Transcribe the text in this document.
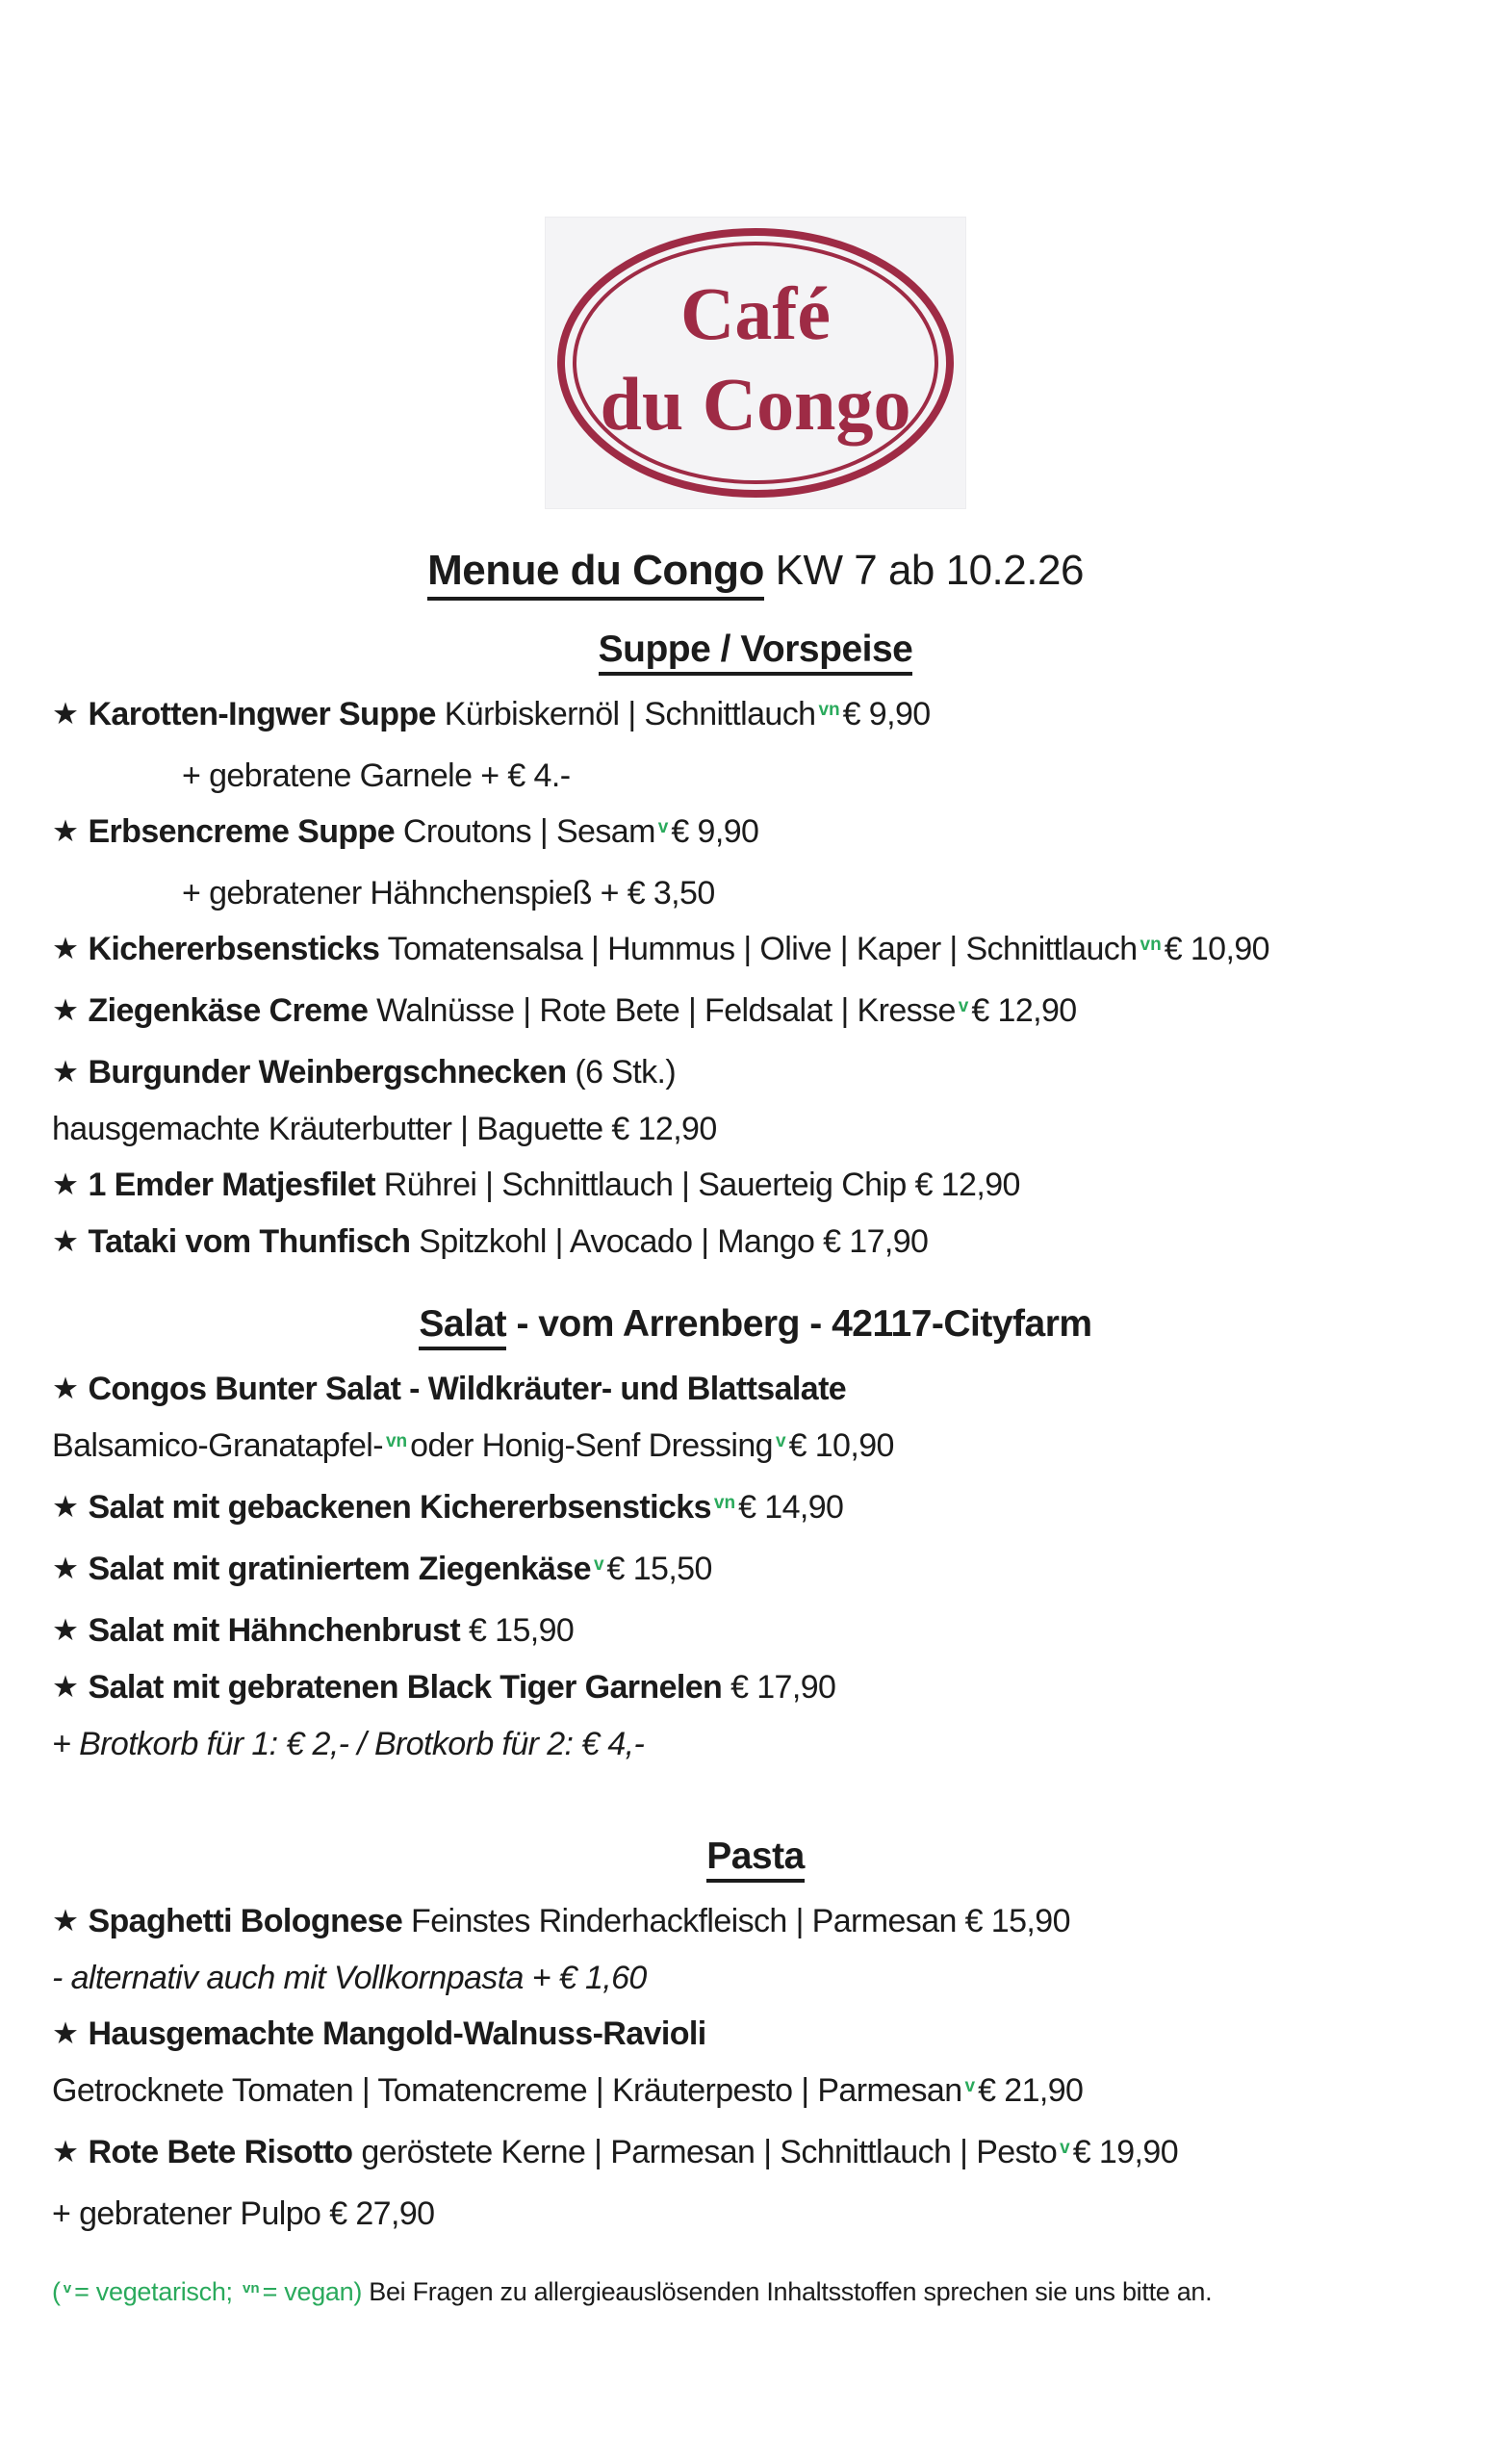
Café
du Congo
Menue du Congo KW 7 ab 10.2.26
Suppe / Vorspeise
★ Karotten-Ingwer Suppe Kürbiskernöl | Schnittlauch $^{vn}$€ 9,90
+ gebratene Garnele + € 4.-
★ Erbsencreme Suppe Croutons | Sesam $^v$€ 9,90
+ gebratener Hähnchenspieß + € 3,50
★ Kichererbsensticks Tomatensalsa | Hummus | Olive | Kaper | Schnittlauch $^{vn}$€ 10,90
★ Ziegenkäse Creme Walnüsse | Rote Bete | Feldsalat | Kresse $^v$€ 12,90
★ Burgunder Weinbergschnecken (6 Stk.)
hausgemachte Kräuterbutter | Baguette € 12,90
★ 1 Emder Matjesfilet Rührei | Schnittlauch | Sauerteig Chip € 12,90
★ Tataki vom Thunfisch Spitzkohl | Avocado | Mango € 17,90
Salat - vom Arrenberg - 42117-Cityfarm
★ Congos Bunter Salat - Wildkräuter- und Blattsalate
Balsamico-Granatapfel- $^{vn}$oder Honig-Senf Dressing $^v$€ 10,90
★ Salat mit gebackenen Kichererbsensticks $^{vn}$€ 14,90
★ Salat mit gratiniertem Ziegenkäse $^v$€ 15,50
★ Salat mit Hähnchenbrust € 15,90
★ Salat mit gebratenen Black Tiger Garnelen € 17,90
+ Brotkorb für 1: € 2,- / Brotkorb für 2: € 4,-
Pasta
★ Spaghetti Bolognese Feinstes Rinderhackfleisch | Parmesan € 15,90
- alternativ auch mit Vollkornpasta + € 1,60
★ Hausgemachte Mangold-Walnuss-Ravioli
Getrocknete Tomaten | Tomatencreme | Kräuterpesto | Parmesan $^v$€ 21,90
★ Rote Bete Risotto geröstete Kerne | Parmesan | Schnittlauch | Pesto $^v$€ 19,90
+ gebratener Pulpo € 27,90
( $^v$ = vegetarisch; $^{vn}$ = vegan) Bei Fragen zu allergieauslösenden Inhaltsstoffen sprechen sie uns bitte an.
